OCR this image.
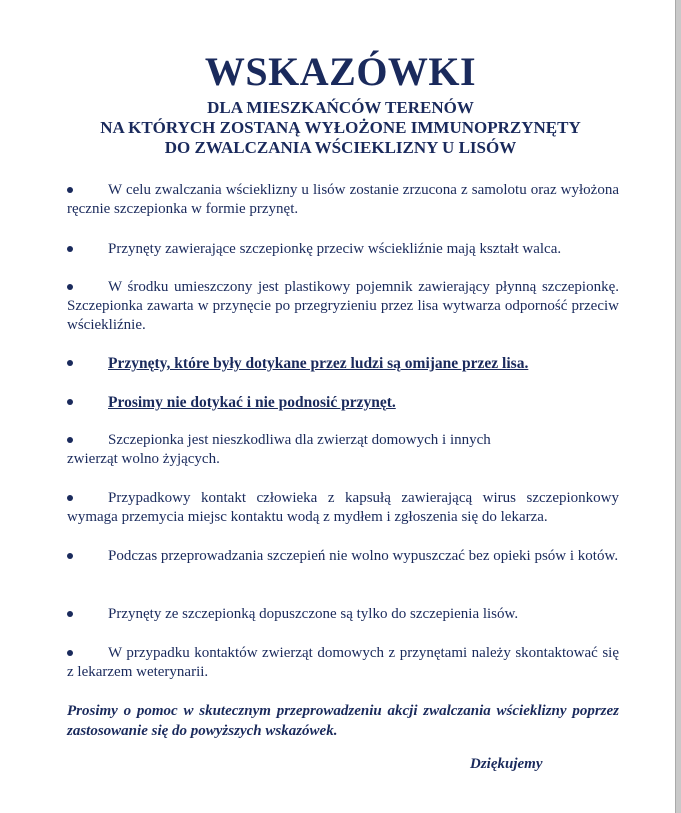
WSKAZÓWKI
DLA MIESZKAŃCÓW TERENÓW
NA KTÓRYCH ZOSTANĄ WYŁOŻONE IMMUNOPRZYNĘTY
DO ZWALCZANIA WŚCIEKLIZNY U LISÓW
W celu zwalczania wścieklizny u lisów zostanie zrzucona z samolotu oraz wyłożona ręcznie szczepionka w formie przynęt.
Przynęty zawierające szczepionkę przeciw wściekliźnie mają kształt walca.
W środku umieszczony jest plastikowy pojemnik zawierający płynną szczepionkę. Szczepionka zawarta w przynęcie po przegryzieniu przez lisa wytwarza odporność przeciw wściekliźnie.
Przynęty, które były dotykane przez ludzi są omijane przez lisa.
Prosimy nie dotykać i nie podnosić przynęt.
Szczepionka jest nieszkodliwa dla zwierząt domowych i innych zwierząt wolno żyjących.
Przypadkowy kontakt człowieka z kapsułą zawierającą wirus szczepionkowy wymaga przemycia miejsc kontaktu wodą z mydłem i zgłoszenia się do lekarza.
Podczas przeprowadzania szczepień nie wolno wypuszczać bez opieki psów i kotów.
Przynęty ze szczepionką dopuszczone są tylko do szczepienia lisów.
W przypadku kontaktów zwierząt domowych z przynętami należy skontaktować się z lekarzem weterynarii.

Prosimy o pomoc w skutecznym przeprowadzeniu akcji zwalczania wścieklizny poprzez zastosowanie się do powyższych wskazówek.

Dziękujemy
